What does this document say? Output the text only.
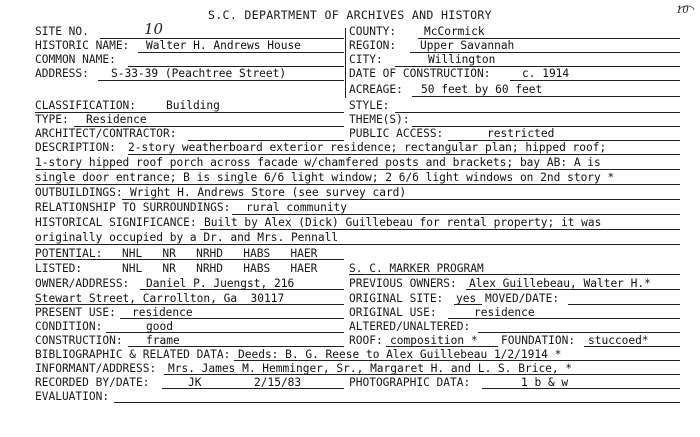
10
S.C. DEPARTMENT OF ARCHIVES AND HISTORY
SITE NO.	10	COUNTY: McCormick
HISTORIC NAME: Walter H. Andrews House	REGION: Upper Savannah
COMMON NAME:	CITY:	Willington
ADDRESS: S-33-39 (Peachtree Street)	DATE OF CONSTRUCTION:	c. 1914
ACREAGE: 50 feet by 60 feet
CLASSIFICATION:	Building	STYLE:
TYPE: Residence	THEME(S):
ARCHITECT/CONTRACTOR:	PUBLIC ACCESS:	restricted
DESCRIPTION: 2-story weatherboard exterior residence; rectangular plan; hipped roof;
1-story hipped roof porch across facade w/chamfered posts and brackets; bay AB: A is
single door entrance; B is single 6/6 light window; 2 6/6 light windows on 2nd story *
OUTBUILDINGS: Wright H. Andrews Store (see survey card)
RELATIONSHIP TO SURROUNDINGS: rural community
HISTORICAL SIGNIFICANCE: Built by Alex (Dick) Guillebeau for rental property; it was
originally occupied by a Dr. and Mrs. Pennall
POTENTIAL: NHL   NR   NRHD   HABS   HAER
LISTED:	NHL   NR   NRHD   HABS   HAER	S. C. MARKER PROGRAM
OWNER/ADDRESS: Daniel P. Juengst, 216	PREVIOUS OWNERS: Alex Guillebeau, Walter H.*
Stewart Street, Carrollton, Ga  30117	ORIGINAL SITE: yes MOVED/DATE:
PRESENT USE: residence	ORIGINAL USE:	residence
CONDITION:	good	ALTERED/UNALTERED:
CONSTRUCTION: frame	ROOF: composition * FOUNDATION: stuccoed*
BIBLIOGRAPHIC & RELATED DATA: Deeds: B. G. Reese to Alex Guillebeau 1/2/1914 *
INFORMANT/ADDRESS: Mrs. James M. Hemminger, Sr., Margaret H. and L. S. Brice, *
RECORDED BY/DATE:	JK	2/15/83	PHOTOGRAPHIC DATA:	1 b & w
EVALUATION:
